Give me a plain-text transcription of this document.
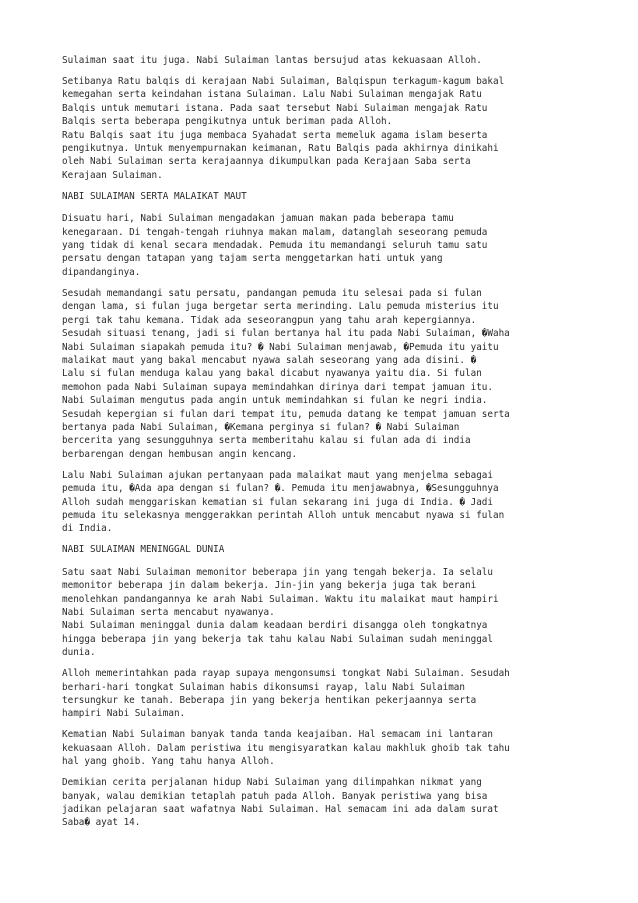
Sulaiman saat itu juga. Nabi Sulaiman lantas bersujud atas kekuasaan Alloh.
Setibanya Ratu balqis di kerajaan Nabi Sulaiman, Balqispun terkagum-kagum bakal
kemegahan serta keindahan istana Sulaiman. Lalu Nabi Sulaiman mengajak Ratu
Balqis untuk memutari istana. Pada saat tersebut Nabi Sulaiman mengajak Ratu
Balqis serta beberapa pengikutnya untuk beriman pada Alloh.
Ratu Balqis saat itu juga membaca Syahadat serta memeluk agama islam beserta
pengikutnya. Untuk menyempurnakan keimanan, Ratu Balqis pada akhirnya dinikahi
oleh Nabi Sulaiman serta kerajaannya dikumpulkan pada Kerajaan Saba serta
Kerajaan Sulaiman.
NABI SULAIMAN SERTA MALAIKAT MAUT
Disuatu hari, Nabi Sulaiman mengadakan jamuan makan pada beberapa tamu
kenegaraan. Di tengah-tengah riuhnya makan malam, datanglah seseorang pemuda
yang tidak di kenal secara mendadak. Pemuda itu memandangi seluruh tamu satu
persatu dengan tatapan yang tajam serta menggetarkan hati untuk yang
dipandanginya.
Sesudah memandangi satu persatu, pandangan pemuda itu selesai pada si fulan
dengan lama, si fulan juga bergetar serta merinding. Lalu pemuda misterius itu
pergi tak tahu kemana. Tidak ada seseorangpun yang tahu arah kepergiannya.
Sesudah situasi tenang, jadi si fulan bertanya hal itu pada Nabi Sulaiman, �Waha
Nabi Sulaiman siapakah pemuda itu? � Nabi Sulaiman menjawab, �Pemuda itu yaitu
malaikat maut yang bakal mencabut nyawa salah seseorang yang ada disini. �
Lalu si fulan menduga kalau yang bakal dicabut nyawanya yaitu dia. Si fulan
memohon pada Nabi Sulaiman supaya memindahkan dirinya dari tempat jamuan itu.
Nabi Sulaiman mengutus pada angin untuk memindahkan si fulan ke negri india.
Sesudah kepergian si fulan dari tempat itu, pemuda datang ke tempat jamuan serta
bertanya pada Nabi Sulaiman, �Kemana perginya si fulan? � Nabi Sulaiman
bercerita yang sesungguhnya serta memberitahu kalau si fulan ada di india
berbarengan dengan hembusan angin kencang.
Lalu Nabi Sulaiman ajukan pertanyaan pada malaikat maut yang menjelma sebagai
pemuda itu, �Ada apa dengan si fulan? �. Pemuda itu menjawabnya, �Sesungguhnya
Alloh sudah menggariskan kematian si fulan sekarang ini juga di India. � Jadi
pemuda itu selekasnya menggerakkan perintah Alloh untuk mencabut nyawa si fulan
di India.
NABI SULAIMAN MENINGGAL DUNIA
Satu saat Nabi Sulaiman memonitor beberapa jin yang tengah bekerja. Ia selalu
memonitor beberapa jin dalam bekerja. Jin-jin yang bekerja juga tak berani
menolehkan pandangannya ke arah Nabi Sulaiman. Waktu itu malaikat maut hampiri
Nabi Sulaiman serta mencabut nyawanya.
Nabi Sulaiman meninggal dunia dalam keadaan berdiri disangga oleh tongkatnya
hingga beberapa jin yang bekerja tak tahu kalau Nabi Sulaiman sudah meninggal
dunia.
Alloh memerintahkan pada rayap supaya mengonsumsi tongkat Nabi Sulaiman. Sesudah
berhari-hari tongkat Sulaiman habis dikonsumsi rayap, lalu Nabi Sulaiman
tersungkur ke tanah. Beberapa jin yang bekerja hentikan pekerjaannya serta
hampiri Nabi Sulaiman.
Kematian Nabi Sulaiman banyak tanda tanda keajaiban. Hal semacam ini lantaran
kekuasaan Alloh. Dalam peristiwa itu mengisyaratkan kalau makhluk ghoib tak tahu
hal yang ghoib. Yang tahu hanya Alloh.
Demikian cerita perjalanan hidup Nabi Sulaiman yang dilimpahkan nikmat yang
banyak, walau demikian tetaplah patuh pada Alloh. Banyak peristiwa yang bisa
jadikan pelajaran saat wafatnya Nabi Sulaiman. Hal semacam ini ada dalam surat
Saba� ayat 14.
